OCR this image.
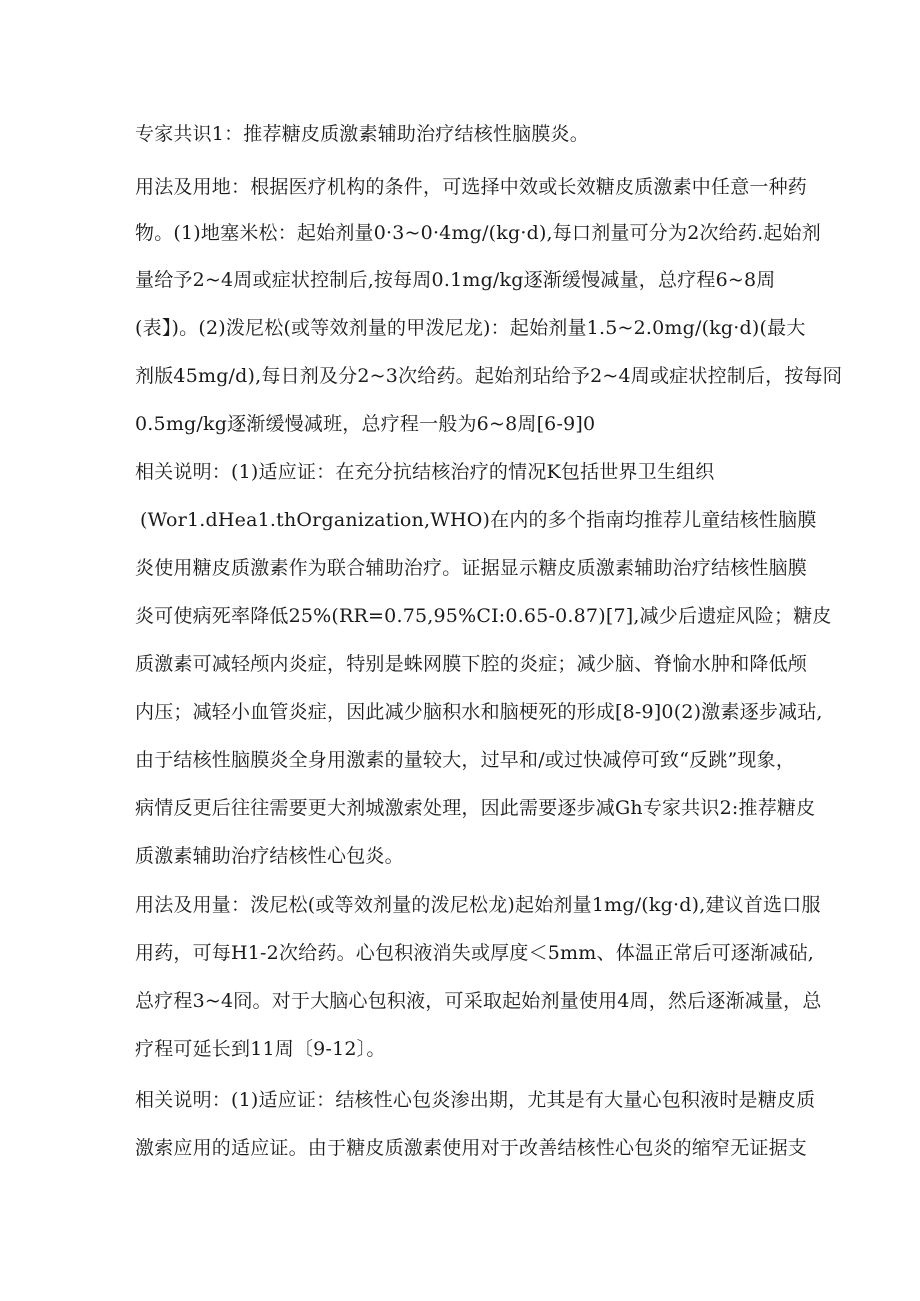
专家共识1：推荐糖皮质激素辅助治疗结核性脑膜炎。
用法及用地：根据医疗机构的条件，可选择中效或长效糖皮质激素中任意一种药
物。(1)地塞米松：起始剂量0·3~0·4mg/(kg·d),每口剂量可分为2次给药.起始剂
量给予2~4周或症状控制后,按每周0.1mg/kg逐渐缓慢减量，总疗程6~8周
(表】)。(2)泼尼松(或等效剂量的甲泼尼龙)：起始剂量1.5~2.0mg/(kg·d)(最大
剂版45mg/d),每日剂及分2~3次给药。起始剂玷给予2~4周或症状控制后，按每冏
0.5mg/kg逐渐缓慢减班，总疗程一般为6~8周[6-9]0
相关说明：(1)适应证：在充分抗结核治疗的情况K包括世界卫生组织
(Wor1.dHea1.thOrganization,WHO)在内的多个指南均推荐儿童结核性脑膜
炎使用糖皮质激素作为联合辅助治疗。证据显示糖皮质激素辅助治疗结核性脑膜
炎可使病死率降低25%(RR=0.75,95%CI:0.65-0.87)[7],减少后遗症风险；糖皮
质激素可减轻颅内炎症，特别是蛛网膜下腔的炎症；减少脑、脊愉水肿和降低颅
内压；减轻小血管炎症，因此减少脑积水和脑梗死的形成[8-9]0(2)激素逐步减玷,
由于结核性脑膜炎全身用激素的量较大，过早和/或过快减停可致“反跳”现象，
病情反更后往往需要更大剂城激索处理，因此需要逐步减Gh专家共识2:推荐糖皮
质激素辅助治疗结核性心包炎。
用法及用量：泼尼松(或等效剂量的泼尼松龙)起始剂量1mg/(kg·d),建议首选口服
用药，可每H1-2次给药。心包积液消失或厚度＜5mm、体温正常后可逐渐减砧,
总疗程3~4冏。对于大脑心包积液，可采取起始剂量使用4周，然后逐渐减量，总
疗程可延长到11周〔9-12〕。
相关说明：(1)适应证：结核性心包炎渗出期，尤其是有大量心包积液时是糖皮质
激索应用的适应证。由于糖皮质激素使用对于改善结核性心包炎的缩窄无证据支
